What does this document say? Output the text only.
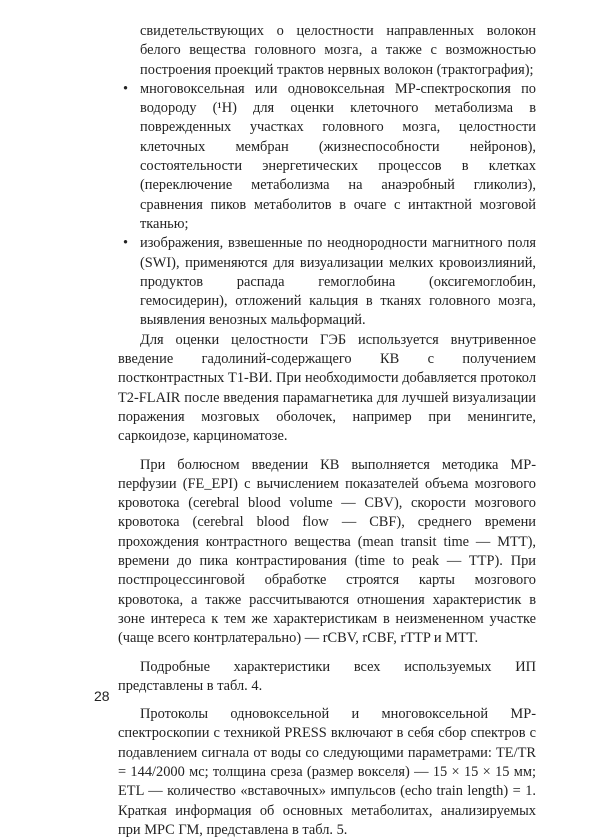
свидетельствующих о целостности направленных волокон белого вещества головного мозга, а также с возможностью построения проекций трактов нервных волокон (трактография);
• многовоксельная или одновоксельная МР-спектроскопия по водороду (¹H) для оценки клеточного метаболизма в поврежденных участках головного мозга, целостности клеточных мембран (жизнеспособности нейронов), состоятельности энергетических процессов в клетках (переключение метаболизма на анаэробный гликолиз), сравнения пиков метаболитов в очаге с интактной мозговой тканью;
• изображения, взвешенные по неоднородности магнитного поля (SWI), применяются для визуализации мелких кровоизлияний, продуктов распада гемоглобина (оксигемоглобин, гемосидерин), отложений кальция в тканях головного мозга, выявления венозных мальформаций.

Для оценки целостности ГЭБ используется внутривенное введение гадолиний-содержащего КВ с получением постконтрастных Т1-ВИ. При необходимости добавляется протокол T2-FLAIR после введения парамагнетика для лучшей визуализации поражения мозговых оболочек, например при менингите, саркоидозе, карциноматозе.

При болюсном введении КВ выполняется методика МР-перфузии (FE_EPI) с вычислением показателей объема мозгового кровотока (cerebral blood volume — CBV), скорости мозгового кровотока (cerebral blood flow — CBF), среднего времени прохождения контрастного вещества (mean transit time — MTT), времени до пика контрастирования (time to peak — TTP). При постпроцессинговой обработке строятся карты мозгового кровотока, а также рассчитываются отношения характеристик в зоне интереса к тем же характеристикам в неизмененном участке (чаще всего контрлатерально) — rCBV, rCBF, rTTP и MTT.

Подробные характеристики всех используемых ИП представлены в табл. 4.

Протоколы одновоксельной и многовоксельной МР-спектроскопии с техникой PRESS включают в себя сбор спектров с подавлением сигнала от воды со следующими параметрами: TE/TR = 144/2000 мс; толщина среза (размер вокселя) — 15 × 15 × 15 мм; ETL — количество «вставочных» импульсов (echo train length) = 1. Краткая информация об основных метаболитах, анализируемых при МРС ГМ, представлена в табл. 5.

28
